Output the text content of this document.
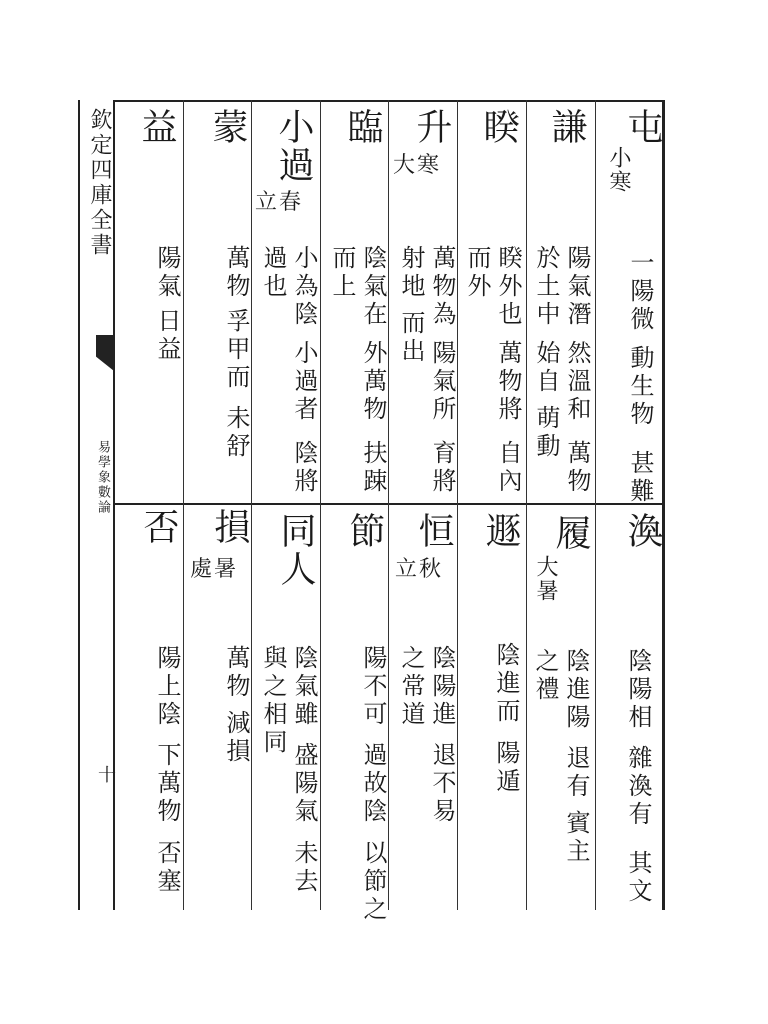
欽定四庫全書
易學象數論
十
屯
小寒
一陽微
動生物
甚難
渙
陰陽相
雜渙有
其文
謙
陽氣潛
然溫和
萬物
於土中
始自
萌動
履
大暑
陰進陽
退有
賓主
之禮
睽
睽外也
萬物將
自內
而外
遯
陰進而
陽遁
升
大寒
萬物為
陽氣所
育將
射地
而出
恒
立秋
陰陽進
退不易
之常道
臨
陰氣在
外萬物
扶踈
而上
節
陽不可
過故陰
以節之
小過
立春
小為陰
小過者
陰將
過也
同人
陰氣雖
盛陽氣
未去
與之相同
蒙
萬物
孚甲而
未舒
損
處暑
萬物
減損
益
陽氣
日益
否
陽上陰
下萬物
否塞
